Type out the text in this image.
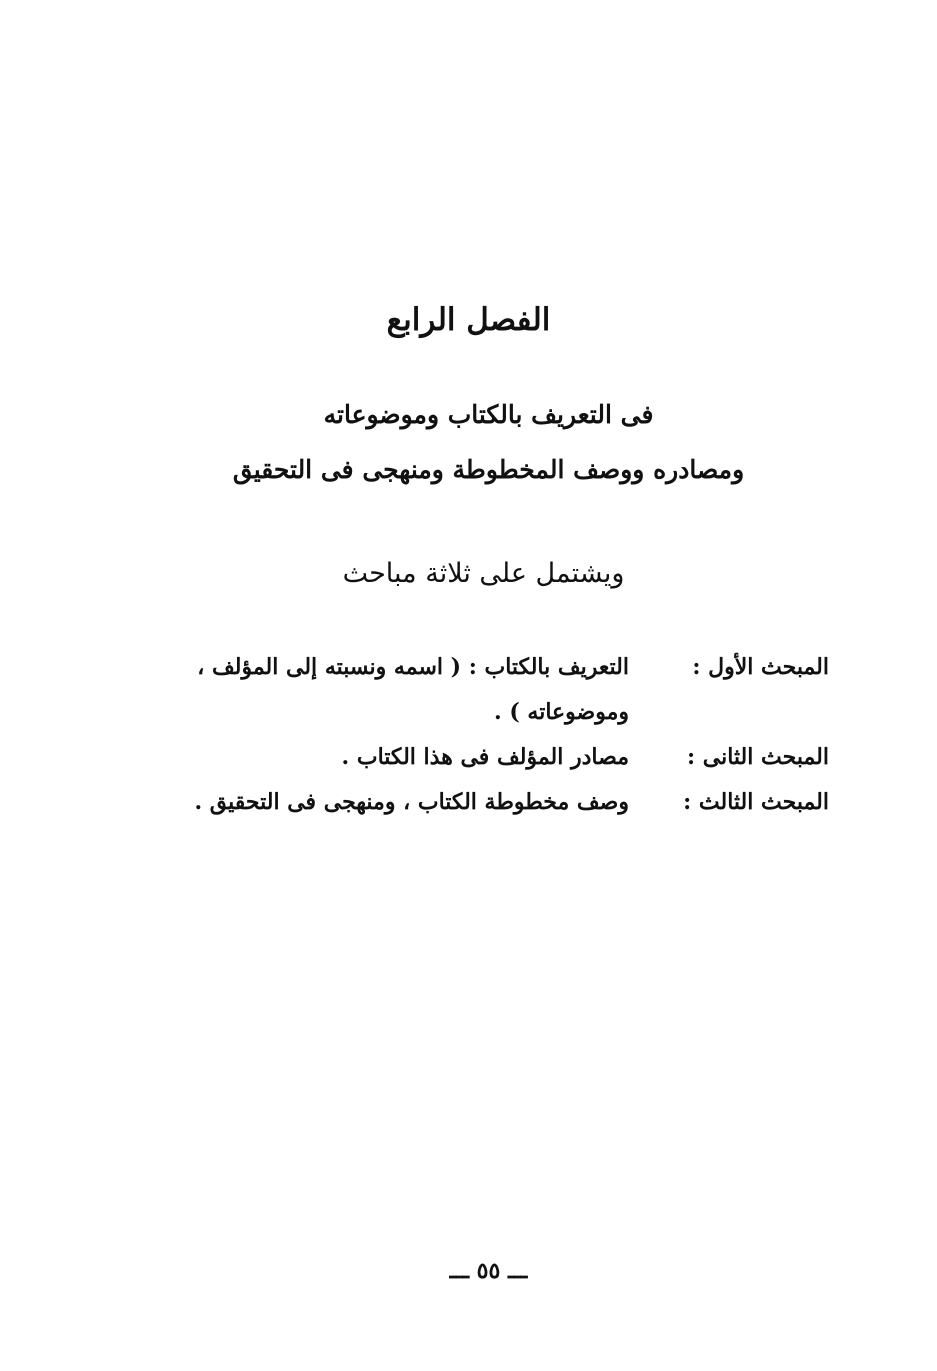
الفصل الرابع
فى التعريف بالكتاب وموضوعاته
ومصادره ووصف المخطوطة ومنهجى فى التحقيق
ويشتمل على ثلاثة مباحث
المبحث الأول :
التعريف بالكتاب : ( اسمه ونسبته إلى المؤلف ،
وموضوعاته ) .
المبحث الثانى :
مصادر المؤلف فى هذا الكتاب .
المبحث الثالث :
وصف مخطوطة الكتاب ، ومنهجى فى التحقيق .
ـــ ٥٥ ـــ
